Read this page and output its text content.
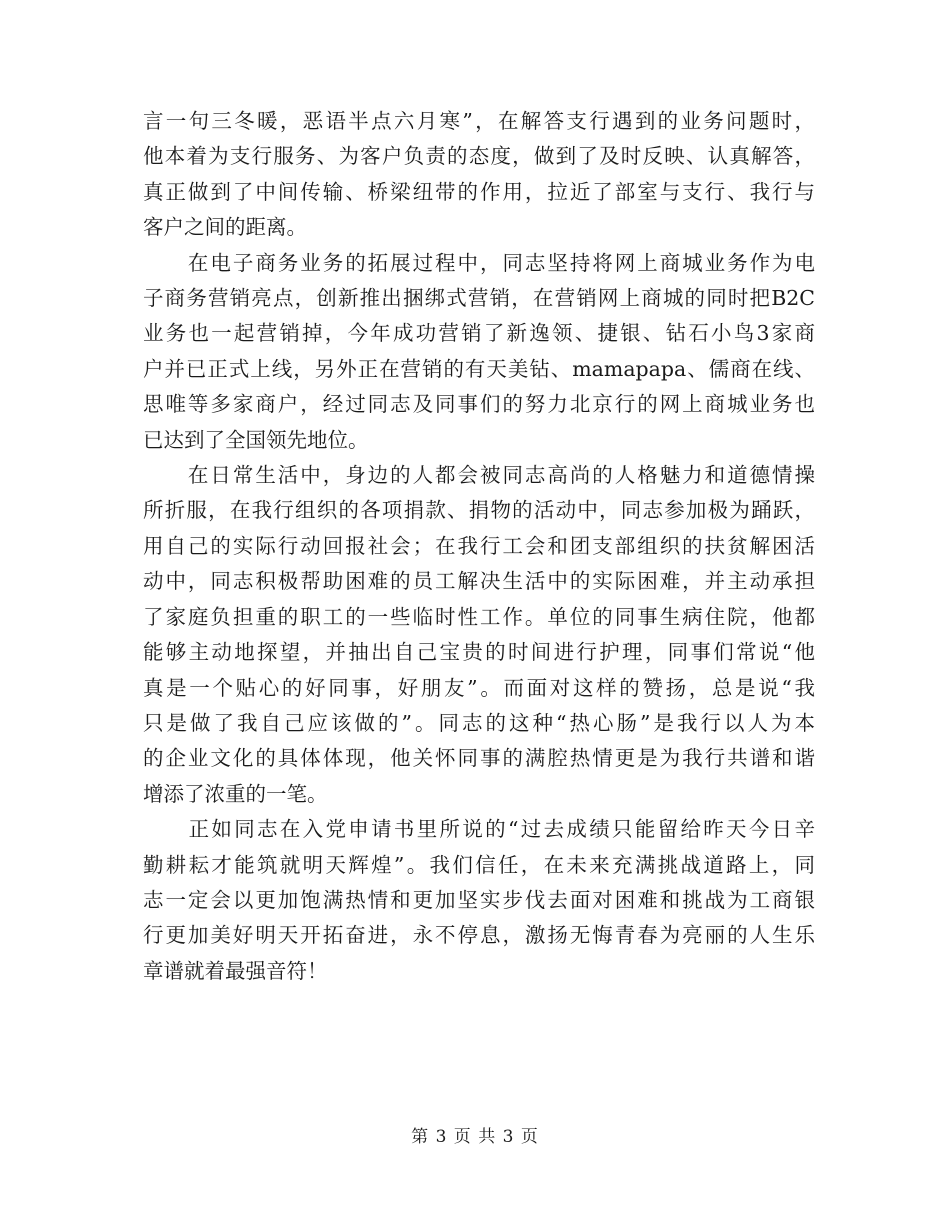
言一句三冬暖，恶语半点六月寒”，在解答支行遇到的业务问题时，
他本着为支行服务、为客户负责的态度，做到了及时反映、认真解答，
真正做到了中间传输、桥梁纽带的作用，拉近了部室与支行、我行与
客户之间的距离。

　　在电子商务业务的拓展过程中，同志坚持将网上商城业务作为电
子商务营销亮点，创新推出捆绑式营销，在营销网上商城的同时把B2C
业务也一起营销掉，今年成功营销了新逸领、捷银、钻石小鸟3家商
户并已正式上线，另外正在营销的有天美钻、mamapapa、儒商在线、
思唯等多家商户，经过同志及同事们的努力北京行的网上商城业务也
已达到了全国领先地位。

　　在日常生活中，身边的人都会被同志高尚的人格魅力和道德情操
所折服，在我行组织的各项捐款、捐物的活动中，同志参加极为踊跃，
用自己的实际行动回报社会；在我行工会和团支部组织的扶贫解困活
动中，同志积极帮助困难的员工解决生活中的实际困难，并主动承担
了家庭负担重的职工的一些临时性工作。单位的同事生病住院，他都
能够主动地探望，并抽出自己宝贵的时间进行护理，同事们常说“他
真是一个贴心的好同事，好朋友”。而面对这样的赞扬，总是说“我
只是做了我自己应该做的”。同志的这种“热心肠”是我行以人为本
的企业文化的具体体现，他关怀同事的满腔热情更是为我行共谱和谐
增添了浓重的一笔。

　　正如同志在入党申请书里所说的“过去成绩只能留给昨天今日辛
勤耕耘才能筑就明天辉煌”。我们信任，在未来充满挑战道路上，同
志一定会以更加饱满热情和更加坚实步伐去面对困难和挑战为工商银
行更加美好明天开拓奋进，永不停息，激扬无悔青春为亮丽的人生乐
章谱就着最强音符！

第 3 页 共 3 页
